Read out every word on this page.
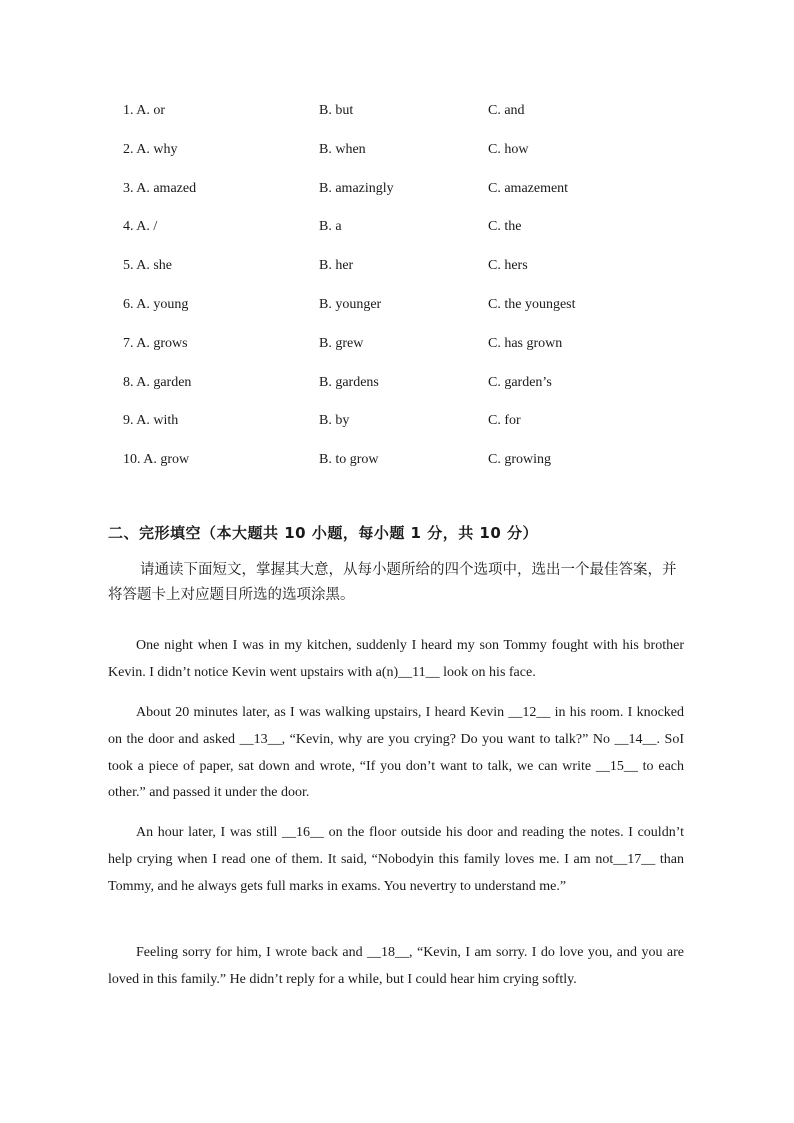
1. A. or	B. but	C. and
2. A. why	B. when	C. how
3. A. amazed	B. amazingly	C. amazement
4. A. /	B. a	C. the
5. A. she	B. her	C. hers
6. A. young	B. younger	C. the youngest
7. A. grows	B. grew	C. has grown
8. A. garden	B. gardens	C. garden’s
9. A. with	B. by	C. for
10. A. grow	B. to grow	C. growing
二、完形填空（本大题共 10 小题，每小题 1 分，共 10 分）
请通读下面短文，掌握其大意，从每小题所给的四个选项中，选出一个最佳答案，并将答题卡上对应题目所选的选项涂黑。

One night when I was in my kitchen, suddenly I heard my son Tommy fought with his brother Kevin. I didn’t notice Kevin went upstairs with a(n)__11__ look on his face.

About 20 minutes later, as I was walking upstairs, I heard Kevin __12__ in his room. I knocked on the door and asked __13__, “Kevin, why are you crying? Do you want to talk?” No __14__. SoI took a piece of paper, sat down and wrote, “If you don’t want to talk, we can write __15__ to each other.” and passed it under the door.

An hour later, I was still __16__ on the floor outside his door and reading the notes. I couldn’t help crying when I read one of them. It said, “Nobodyin this family loves me. I am not__17__ than Tommy, and he always gets full marks in exams. You nevertry to understand me.”

Feeling sorry for him, I wrote back and __18__, “Kevin, I am sorry. I do love you, and you are loved in this family.” He didn’t reply for a while, but I could hear him crying softly.
